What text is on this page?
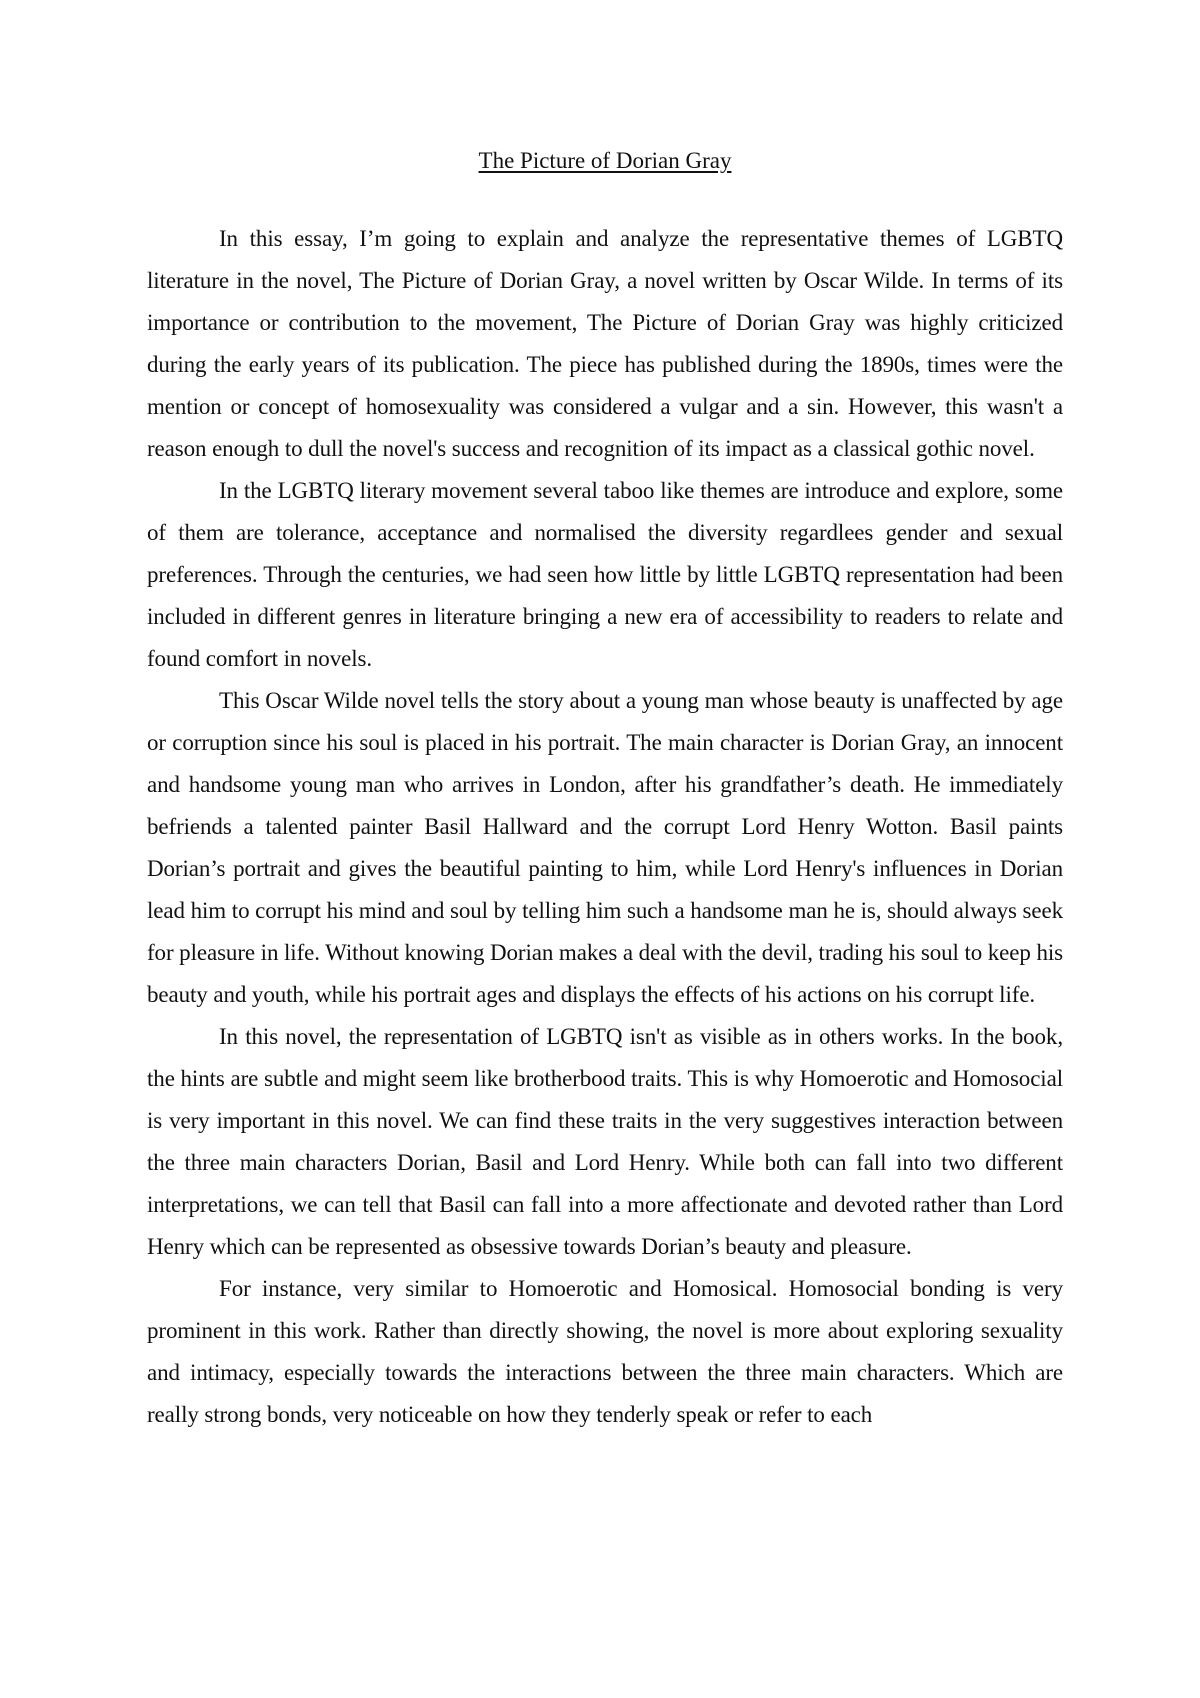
The Picture of Dorian Gray

In this essay, I’m going to explain and analyze the representative themes of LGBTQ literature in the novel, The Picture of Dorian Gray, a novel written by Oscar Wilde. In terms of its importance or contribution to the movement, The Picture of Dorian Gray was highly criticized during the early years of its publication. The piece has published during the 1890s, times were the mention or concept of homosexuality was considered a vulgar and a sin. However, this wasn't a reason enough to dull the novel's success and recognition of its impact as a classical gothic novel.

In the LGBTQ literary movement several taboo like themes are introduce and explore, some of them are tolerance, acceptance and normalised the diversity regardlees gender and sexual preferences. Through the centuries, we had seen how little by little LGBTQ representation had been included in different genres in literature bringing a new era of accessibility to readers to relate and found comfort in novels.

This Oscar Wilde novel tells the story about a young man whose beauty is unaffected by age or corruption since his soul is placed in his portrait. The main character is Dorian Gray, an innocent and handsome young man who arrives in London, after his grandfather’s death. He immediately befriends a talented painter Basil Hallward and the corrupt Lord Henry Wotton. Basil paints Dorian’s portrait and gives the beautiful painting to him, while Lord Henry's influences in Dorian lead him to corrupt his mind and soul by telling him such a handsome man he is, should always seek for pleasure in life. Without knowing Dorian makes a deal with the devil, trading his soul to keep his beauty and youth, while his portrait ages and displays the effects of his actions on his corrupt life.

In this novel, the representation of LGBTQ isn't as visible as in others works. In the book, the hints are subtle and might seem like brotherbood traits. This is why Homoerotic and Homosocial is very important in this novel. We can find these traits in the very suggestives interaction between the three main characters Dorian, Basil and Lord Henry. While both can fall into two different interpretations, we can tell that Basil can fall into a more affectionate and devoted rather than Lord Henry which can be represented as obsessive towards Dorian’s beauty and pleasure.

For instance, very similar to Homoerotic and Homosical. Homosocial bonding is very prominent in this work. Rather than directly showing, the novel is more about exploring sexuality and intimacy, especially towards the interactions between the three main characters. Which are really strong bonds, very noticeable on how they tenderly speak or refer to each
